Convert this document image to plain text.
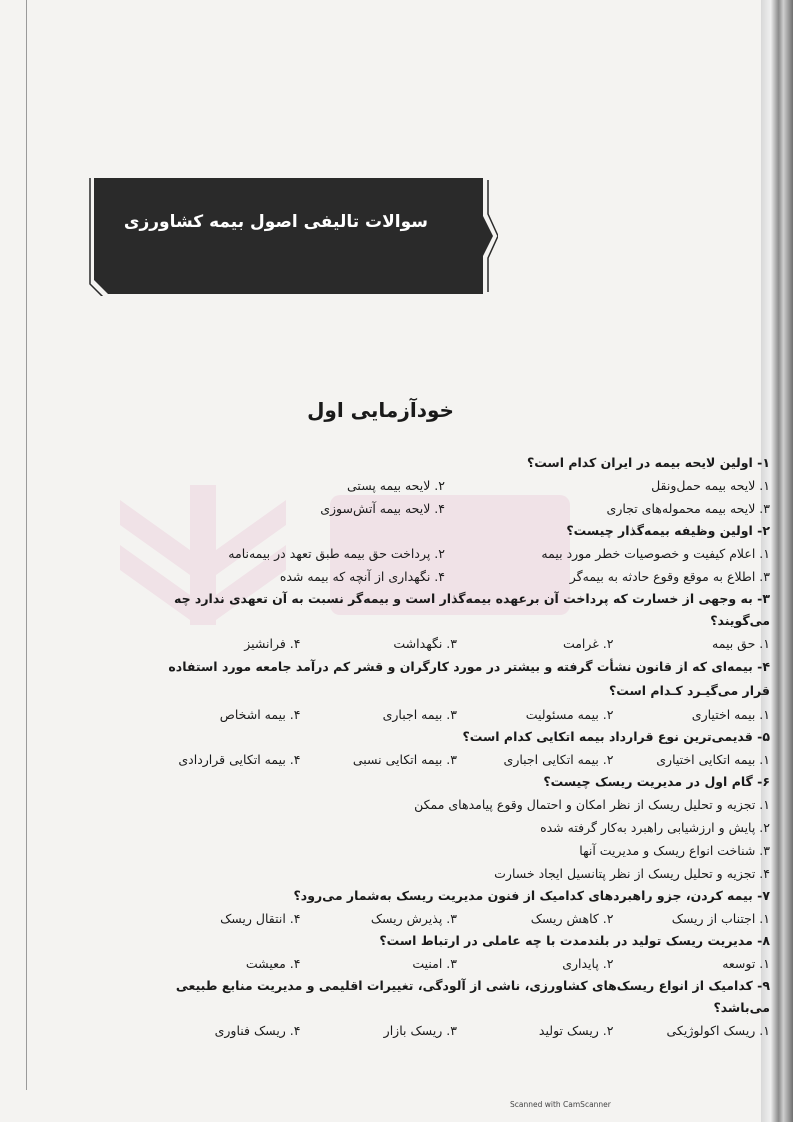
سوالات تالیفی اصول بیمه کشاورزی
خودآزمایی اول

۱- اولین لایحه بیمه در ایران کدام است؟

۱. لایحه بیمه حمل‌ونقل
۲. لایحه بیمه پستی
۳. لایحه بیمه محموله‌های تجاری
۴. لایحه بیمه آتش‌سوزی

۲- اولین وظیفه بیمه‌گذار چیست؟

۱. اعلام کیفیت و خصوصیات خطر مورد بیمه
۲. پرداخت حق بیمه طبق تعهد در بیمه‌نامه
۳. اطلاع به موقع وقوع حادثه به بیمه‌گر
۴. نگهداری از آنچه که بیمه شده

۳- به وجهی از خسارت که پرداخت آن برعهده بیمه‌گذار است و بیمه‌گر نسبت به آن تعهدی ندارد چه می‌گویند؟

۱. حق بیمه
۲. غرامت
۳. نگهداشت
۴. فرانشیز

۴- بیمه‌ای که از قانون نشأت گرفته و بیشتر در مورد کارگران و قشر کم درآمد جامعه مورد استفاده قرار می‌گیـرد کـدام است؟

۱. بیمه اختیاری
۲. بیمه مسئولیت
۳. بیمه اجباری
۴. بیمه اشخاص

۵- قدیمی‌ترین نوع قرارداد بیمه اتکایی کدام است؟

۱. بیمه اتکایی اختیاری
۲. بیمه اتکایی اجباری
۳. بیمه اتکایی نسبی
۴. بیمه اتکایی قراردادی

۶- گام اول در مدیریت ریسک چیست؟

۱. تجزیه و تحلیل ریسک از نظر امکان و احتمال وقوع پیامدهای ممکن
۲. پایش و ارزشیابی راهبرد به‌کار گرفته شده
۳. شناخت انواع ریسک و مدیریت آنها
۴. تجزیه و تحلیل ریسک از نظر پتانسیل ایجاد خسارت

۷- بیمه کردن، جزو راهبردهای کدامیک از فنون مدیریت ریسک به‌شمار می‌رود؟

۱. اجتناب از ریسک
۲. کاهش ریسک
۳. پذیرش ریسک
۴. انتقال ریسک

۸- مدیریت ریسک تولید در بلندمدت با چه عاملی در ارتباط است؟

۱. توسعه
۲. پایداری
۳. امنیت
۴. معیشت

۹- کدامیک از انواع ریسک‌های کشاورزی، ناشی از آلودگی، تغییرات اقلیمی و مدیریت منابع طبیعی می‌باشد؟

۱. ریسک اکولوژیکی
۲. ریسک تولید
۳. ریسک بازار
۴. ریسک فناوری
Scanned with CamScanner
